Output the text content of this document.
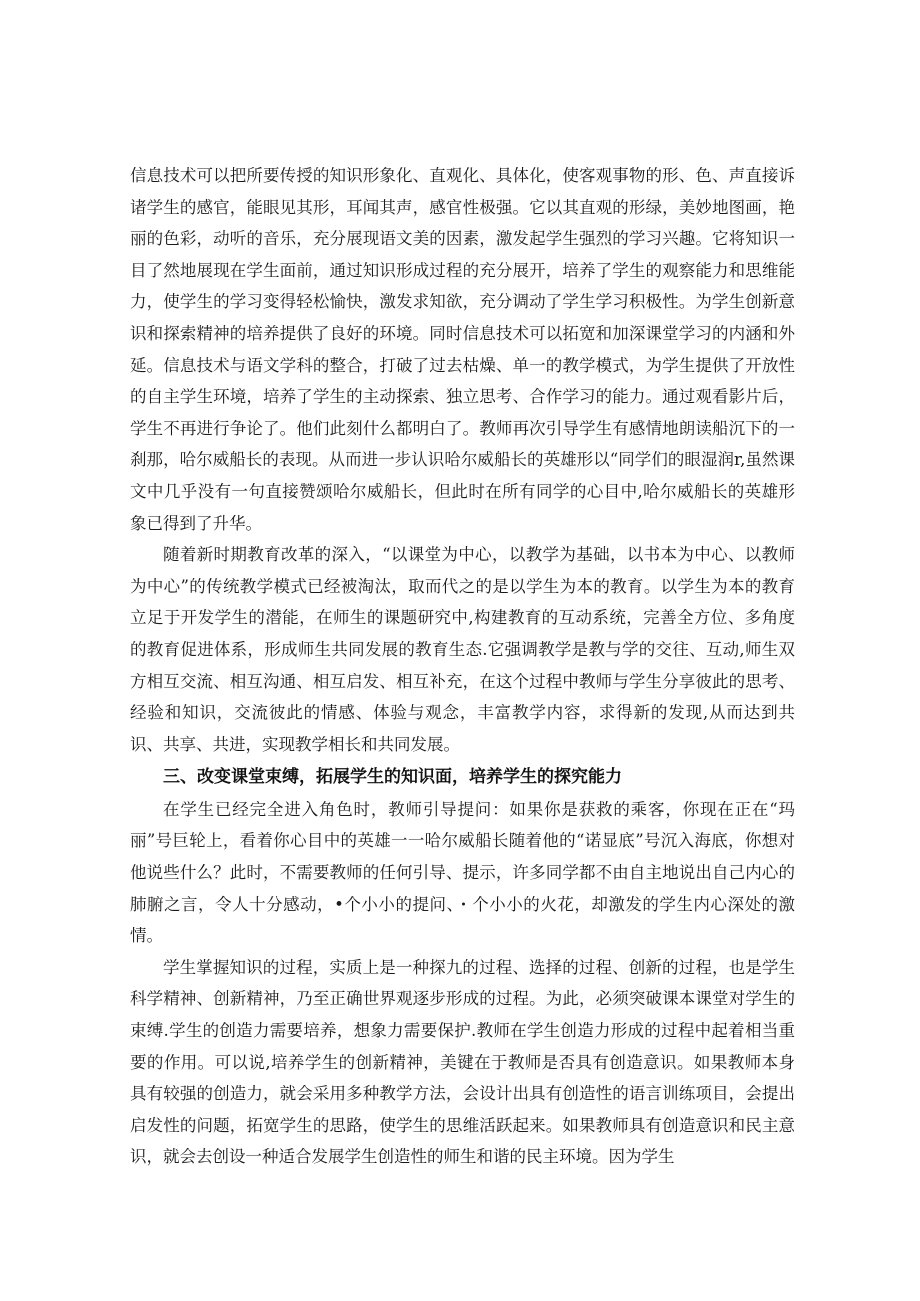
信息技术可以把所要传授的知识形象化、直观化、具体化，使客观事物的形、色、声直接诉诸学生的感官，能眼见其形，耳闻其声，感官性极强。它以其直观的形绿，美妙地图画，艳丽的色彩，动听的音乐，充分展现语文美的因素，激发起学生强烈的学习兴趣。它将知识一目了然地展现在学生面前，通过知识形成过程的充分展开，培养了学生的观察能力和思维能力，使学生的学习变得轻松愉快，激发求知欲，充分调动了学生学习积极性。为学生创新意识和探索精神的培养提供了良好的环境。同时信息技术可以拓宽和加深课堂学习的内涵和外延。信息技术与语文学科的整合，打破了过去枯燥、单一的教学模式，为学生提供了开放性的自主学生环境，培养了学生的主动探索、独立思考、合作学习的能力。通过观看影片后，学生不再进行争论了。他们此刻什么都明白了。教师再次引导学生有感情地朗读船沉下的一刹那，哈尔威船长的表现。从而进一步认识哈尔威船长的英雄形以“同学们的眼湿润r,虽然课文中几乎没有一句直接赞颂哈尔威船长，但此时在所有同学的心目中,哈尔威船长的英雄形象已得到了升华。

随着新时期教育改革的深入，“以课堂为中心，以教学为基础，以书本为中心、以教师为中心”的传统教学模式已经被淘汰，取而代之的是以学生为本的教育。以学生为本的教育立足于开发学生的潜能，在师生的课题研究中,构建教育的互动系统，完善全方位、多角度的教育促进体系，形成师生共同发展的教育生态.它强调教学是教与学的交往、互动,师生双方相互交流、相互沟通、相互启发、相互补充，在这个过程中教师与学生分享彼此的思考、经验和知识，交流彼此的情感、体验与观念，丰富教学内容，求得新的发现,从而达到共识、共享、共进，实现教学相长和共同发展。

三、改变课堂束缚，拓展学生的知识面，培养学生的探究能力

在学生已经完全进入角色时，教师引导提问：如果你是获救的乘客，你现在正在“玛丽”号巨轮上，看着你心目中的英雄一一哈尔威船长随着他的“诺显底”号沉入海底，你想对他说些什么？此时，不需要教师的任何引导、提示，许多同学都不由自主地说出自己内心的肺腑之言，令人十分感动，•个小小的提问、・个小小的火花，却激发的学生内心深处的激情。

学生掌握知识的过程，实质上是一种探九的过程、选择的过程、创新的过程，也是学生科学精神、创新精神，乃至正确世界观逐步形成的过程。为此，必须突破课本课堂对学生的束缚.学生的创造力需要培养，想象力需要保护.教师在学生创造力形成的过程中起着相当重要的作用。可以说,培养学生的创新精神，美键在于教师是否具有创造意识。如果教师本身具有较强的创造力，就会采用多种教学方法，会设计出具有创造性的语言训练项目，会提出启发性的问题，拓宽学生的思路，使学生的思维活跃起来。如果教师具有创造意识和民主意识，就会去创设一种适合发展学生创造性的师生和谐的民主环境。因为学生
